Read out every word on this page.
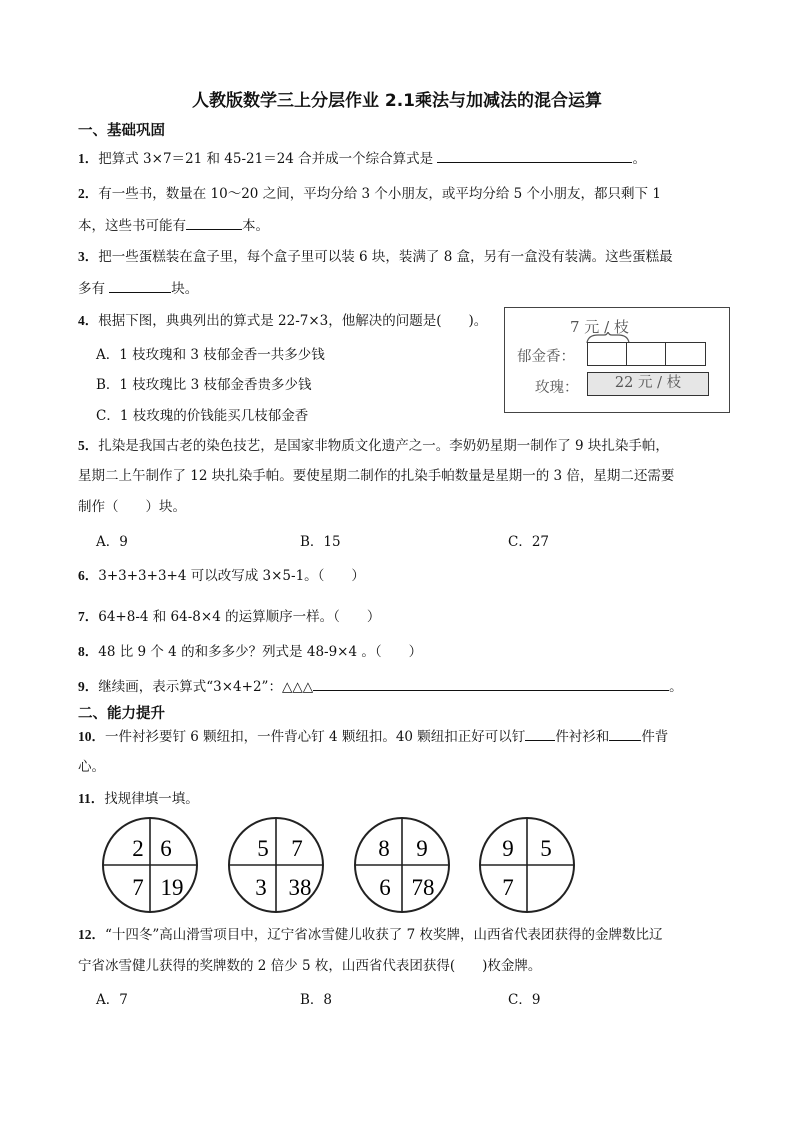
人教版数学三上分层作业 2.1乘法与加减法的混合运算
一、基础巩固
1．把算式 3×7＝21 和 45-21＝24 合并成一个综合算式是	。
2．有一些书，数量在 10～20 之间，平均分给 3 个小朋友，或平均分给 5 个小朋友，都只剩下 1
本，这些书可能有	本。
3．把一些蛋糕装在盒子里，每个盒子里可以装 6 块，装满了 8 盒，另有一盒没有装满。这些蛋糕最
多有	块。
4．根据下图，典典列出的算式是 22-7×3，他解决的问题是(　　)。
A．1 枝玫瑰和 3 枝郁金香一共多少钱
B．1 枝玫瑰比 3 枝郁金香贵多少钱
C．1 枝玫瑰的价钱能买几枝郁金香
7 元 / 枝
郁金香：
玫瑰：	22 元 / 枝
5．扎染是我国古老的染色技艺，是国家非物质文化遗产之一。李奶奶星期一制作了 9 块扎染手帕，
星期二上午制作了 12 块扎染手帕。要使星期二制作的扎染手帕数量是星期一的 3 倍，星期二还需要
制作（　　）块。
A．9	B．15	C．27
6．3+3+3+3+4 可以改写成 3×5-1。（　　）
7．64+8-4 和 64-8×4 的运算顺序一样。（　　）
8．48 比 9 个 4 的和多多少？列式是 48-9×4 。（　　）
9．继续画，表示算式“3×4+2”：△△△	。
二、能力提升
10．一件衬衫要钉 6 颗纽扣，一件背心钉 4 颗纽扣。40 颗纽扣正好可以钉 件衬衫和 件背
心。
11．找规律填一填。
2 6
7 19
5 7
3 38
8 9
6 78
9 5
7
12．“十四冬”高山滑雪项目中，辽宁省冰雪健儿收获了 7 枚奖牌，山西省代表团获得的金牌数比辽
宁省冰雪健儿获得的奖牌数的 2 倍少 5 枚，山西省代表团获得(　　)枚金牌。
A．7	B．8	C．9
